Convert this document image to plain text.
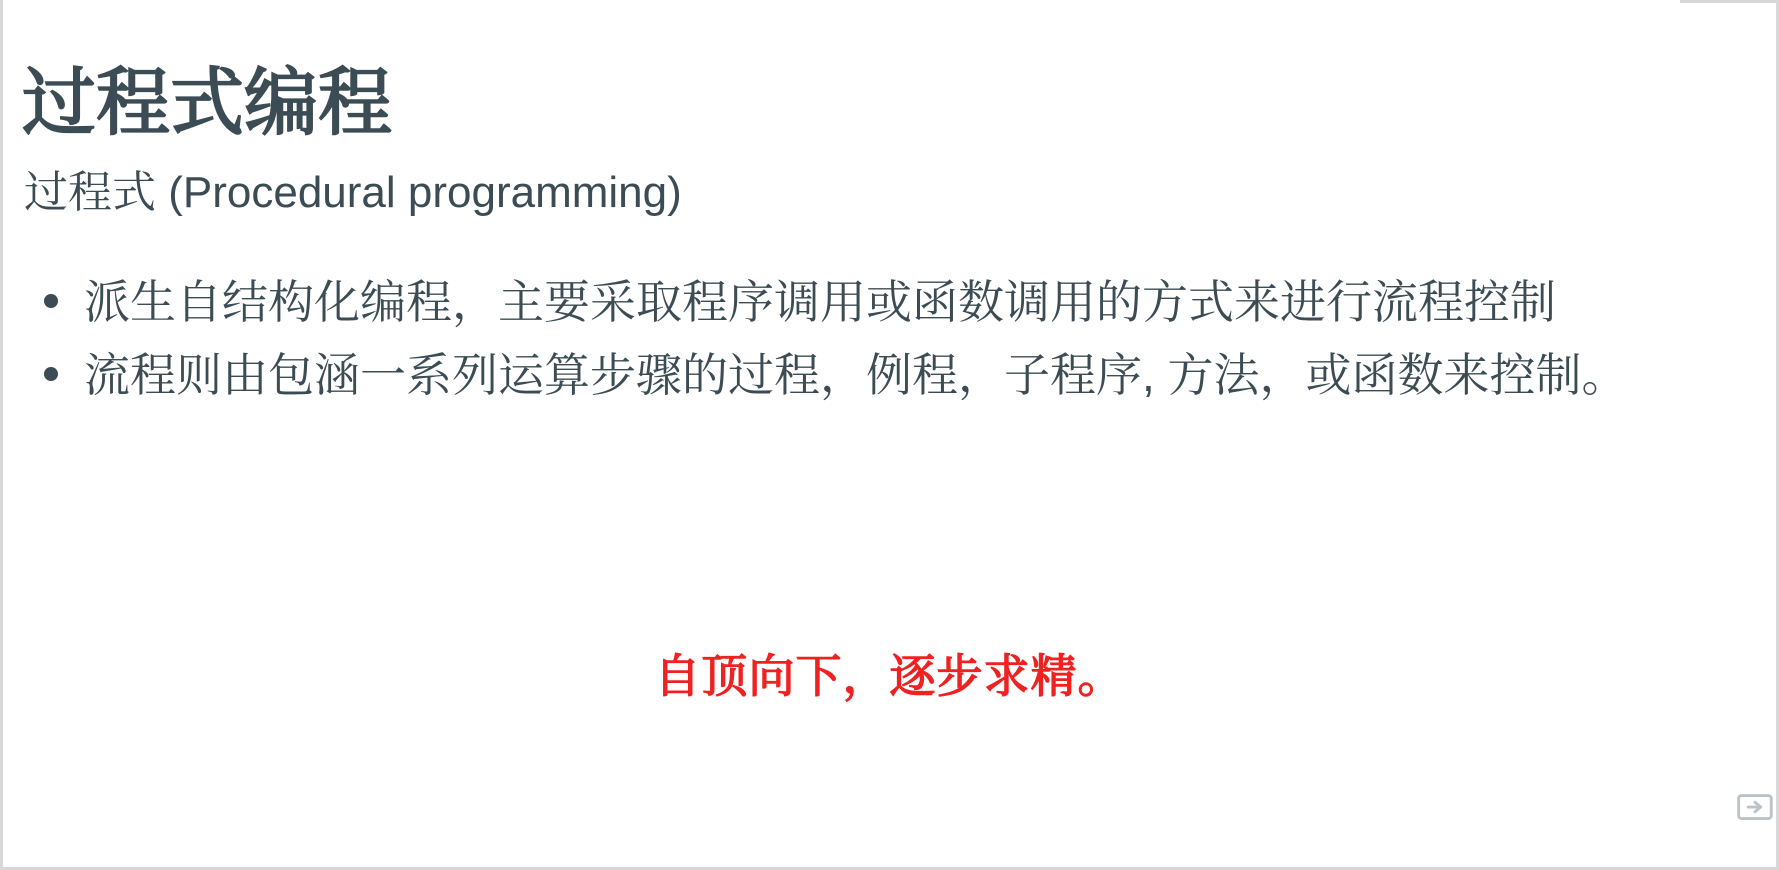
过程式编程
过程式 (Procedural programming)
派生自结构化编程，主要采取程序调用或函数调用的方式来进行流程控制
流程则由包涵一系列运算步骤的过程，例程，子程序, 方法，或函数来控制。
自顶向下，逐步求精。
